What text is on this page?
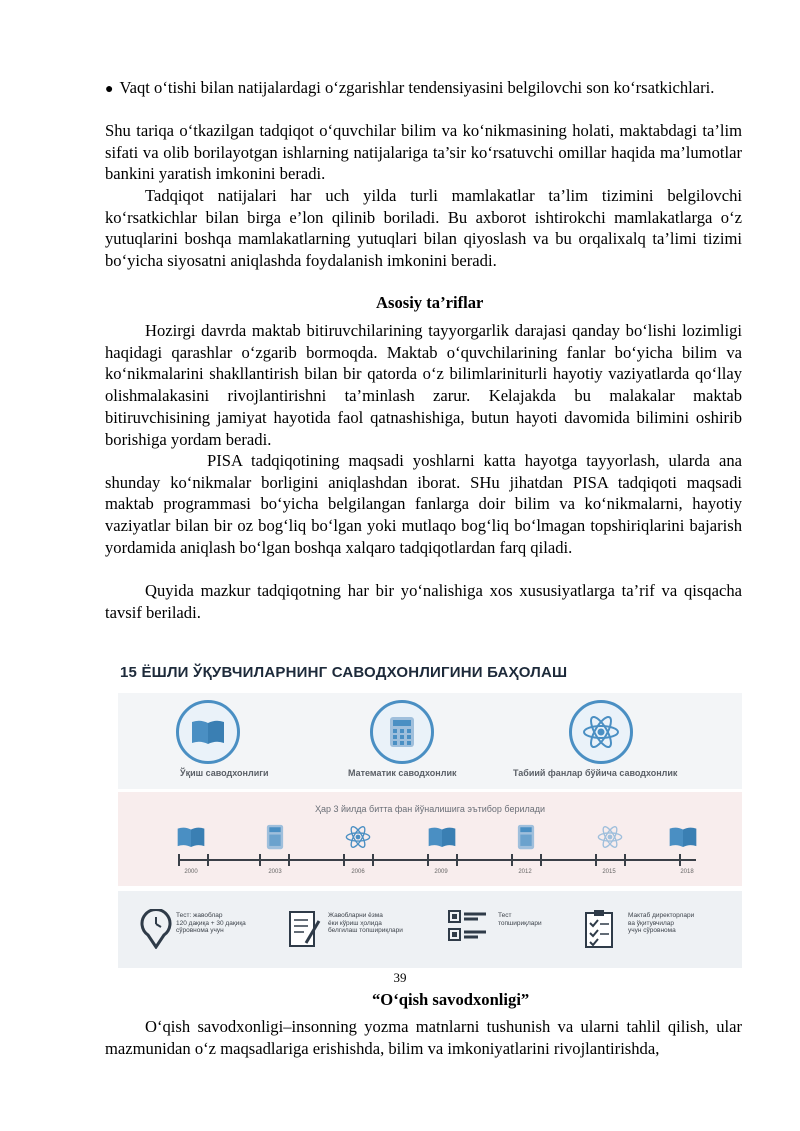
● Vaqt o‘tishi bilan natijalardagi o‘zgarishlar tendensiyasini belgilovchi son ko‘rsatkichlari.

Shu tariqa o‘tkazilgan tadqiqot o‘quvchilar bilim va ko‘nikmasining holati, maktabdagi ta’lim sifati va olib borilayotgan ishlarning natijalariga ta’sir ko‘rsatuvchi omillar haqida ma’lumotlar bankini yaratish imkonini beradi.

Tadqiqot natijalari har uch yilda turli mamlakatlar ta’lim tizimini belgilovchi ko‘rsatkichlar bilan birga e’lon qilinib boriladi. Bu axborot ishtirokchi mamlakatlarga o‘z yutuqlarini boshqa mamlakatlarning yutuqlari bilan qiyoslash va bu orqalixalq ta’limi tizimi bo‘yicha siyosatni aniqlashda foydalanish imkonini beradi.

Asosiy ta’riflar

Hozirgi davrda maktab bitiruvchilarining tayyorgarlik darajasi qanday bo‘lishi lozimligi haqidagi qarashlar o‘zgarib bormoqda. Maktab o‘quvchilarining fanlar bo‘yicha bilim va ko‘nikmalarini shakllantirish bilan bir qatorda o‘z bilimlariniturli hayotiy vaziyatlarda qo‘llay olishmalakasini rivojlantirishni ta’minlash zarur. Kelajakda bu malakalar maktab bitiruvchisining jamiyat hayotida faol qatnashishiga, butun hayoti davomida bilimini oshirib borishiga yordam beradi.

PISA tadqiqotining maqsadi yoshlarni katta hayotga tayyorlash, ularda ana shunday ko‘nikmalar borligini aniqlashdan iborat. SHu jihatdan PISA tadqiqoti maqsadi maktab programmasi bo‘yicha belgilangan fanlarga doir bilim va ko‘nikmalarni, hayotiy vaziyatlar bilan bir oz bog‘liq bo‘lgan yoki mutlaqo bog‘liq bo‘lmagan topshiriqlarini bajarish yordamida aniqlash bo‘lgan boshqa xalqaro tadqiqotlardan farq qiladi.

Quyida mazkur tadqiqotning har bir yo‘nalishiga xos xususiyatlarga ta’rif va qisqacha tavsif beriladi.

15 ЁШЛИ ЎҚУВЧИЛАРНИНГ САВОДХОНЛИГИНИ БАҲОЛАШ
Ўқиш саводхонлиги	Математик саводхонлик	Табиий фанлар бўйича саводхонлик
Ҳар 3 йилда битта фан йўналишига эътибор берилади
2000	2003	2006	2009	2012	2015	2018
Тест: жавоблар
120 дақиқа + 30 дақиқа
сўровнома учун
Жавобларни ёзма
ёки кўриш ҳолида
белгилаш топшириқлари
Тест
топшириқлари
Мактаб директорлари
ва ўқитувчилар
учун сўровнома
39
“O‘qish savodxonligi”

O‘qish savodxonligi–insonning yozma matnlarni tushunish va ularni tahlil qilish, ular mazmunidan o‘z maqsadlariga erishishda, bilim va imkoniyatlarini rivojlantirishda,
